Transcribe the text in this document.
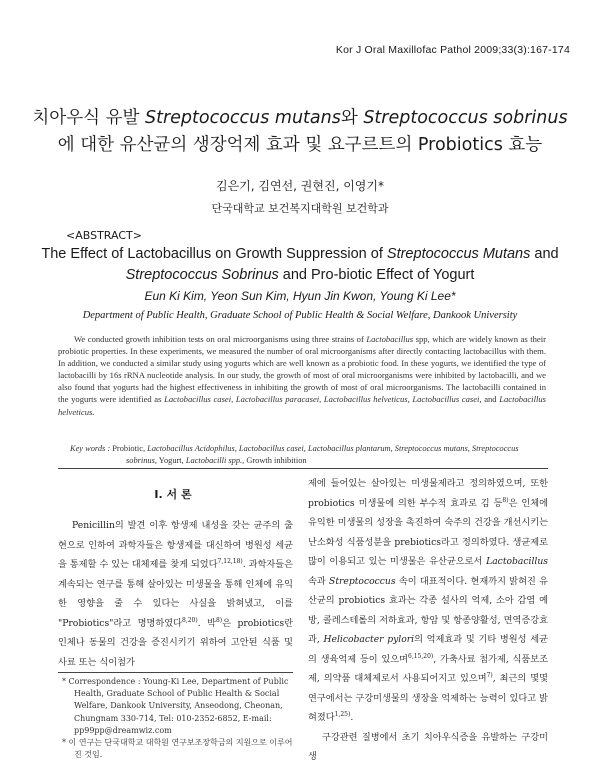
Kor J Oral Maxillofac Pathol 2009;33(3):167-174
치아우식 유발 Streptococcus mutans와 Streptococcus sobrinus
에 대한 유산균의 생장억제 효과 및 요구르트의 Probiotics 효능
김은기, 김연선, 권현진, 이영기*
단국대학교 보건복지대학원 보건학과
<ABSTRACT>
The Effect of Lactobacillus on Growth Suppression of Streptococcus Mutans and
Streptococcus Sobrinus and Pro-biotic Effect of Yogurt
Eun Ki Kim, Yeon Sun Kim, Hyun Jin Kwon, Young Ki Lee*
Department of Public Health, Graduate School of Public Health & Social Welfare, Dankook University
We conducted growth inhibition tests on oral microorganisms using three strains of Lactobacillus spp, which are widely known as their probiotic properties. In these experiments, we measured the number of oral microorganisms after directly contacting lactobacillus with them. In addition, we conducted a similar study using yogurts which are well known as a probiotic food. In these yogurts, we identified the type of lactobacilli by 16s rRNA nucleotide analysis. In our study, the growth of most of oral microorganisms were inhibited by lactobacilli, and we also found that yogurts had the highest effectiveness in inhibiting the growth of most of oral microorganisms. The lactobacilli contained in the yogurts were identified as Lactobacillus casei, Lactobacillus paracasei, Lactobacillus helveticus, Lactobacillus casei, and Lactobacillus helveticus.
Key words : Probiotic, Lactobacillus Acidophilus, Lactobacillus casei, Lactobacillus plantarum, Streptococcus mutans, Streptococcus sobrinus, Yogurt, Lactobacilli spp., Growth inhibition
I. 서 론
Penicillin의 발견 이후 항생제 내성을 갖는 균주의 출현으로 인하여 과학자들은 항생제를 대신하여 병원성 세균을 통제할 수 있는 대체제를 찾게 되었다$^{7,12,18)}$. 과학자들은 계속되는 연구를 통해 살아있는 미생물을 통해 인체에 유익한 영향을 줄 수 있다는 사실을 밝혀냈고, 이를 "Probiotics"라고 명명하였다$^{8,20)}$. 박$^{8)}$은 probiotics란 인체나 동물의 건강을 증진시키기 위하여 고안된 식품 및 사료 또는 식이첨가

* Correspondence : Young-Ki Lee, Department of Public Health, Graduate School of Public Health & Social Welfare, Dankook University, Anseodong, Cheonan, Chungnam 330-714, Tel: 010-2352-6852, E-mail: pp99pp@dreamwiz.com

* 이 연구는 단국대학교 대학원 연구보조장학금의 지원으로 이루어진 것임.

제에 들어있는 살아있는 미생물제라고 정의하였으며, 또한 probiotics 미생물에 의한 부수적 효과로 김 등$^{8)}$은 인체에 유익한 미생물의 성장을 촉진하여 숙주의 건강을 개선시키는 난소화성 식품성분을 prebiotics라고 정의하였다. 생균제로 많이 이용되고 있는 미생물은 유산균으로서 Lactobacillus속과 Streptococcus 속이 대표적이다. 현재까지 밝혀진 유산균의 probiotics 효과는 각종 설사의 억제, 소아 감염 예방, 콜레스테롤의 저하효과, 항암 및 항종양활성, 면역증강효과, Helicobacter pylori의 억제효과 및 기타 병원성 세균의 생육억제 등이 있으며$^{6,15,20)}$, 가축사료 첨가제, 식품보조제, 의약품 대체제로서 사용되어지고 있으며$^{7)}$, 최근의 몇몇 연구에서는 구강미생물의 생장을 억제하는 능력이 있다고 밝혀졌다$^{1,25)}$.

구강관련 질병에서 초기 치아우식증을 유발하는 구강미생
